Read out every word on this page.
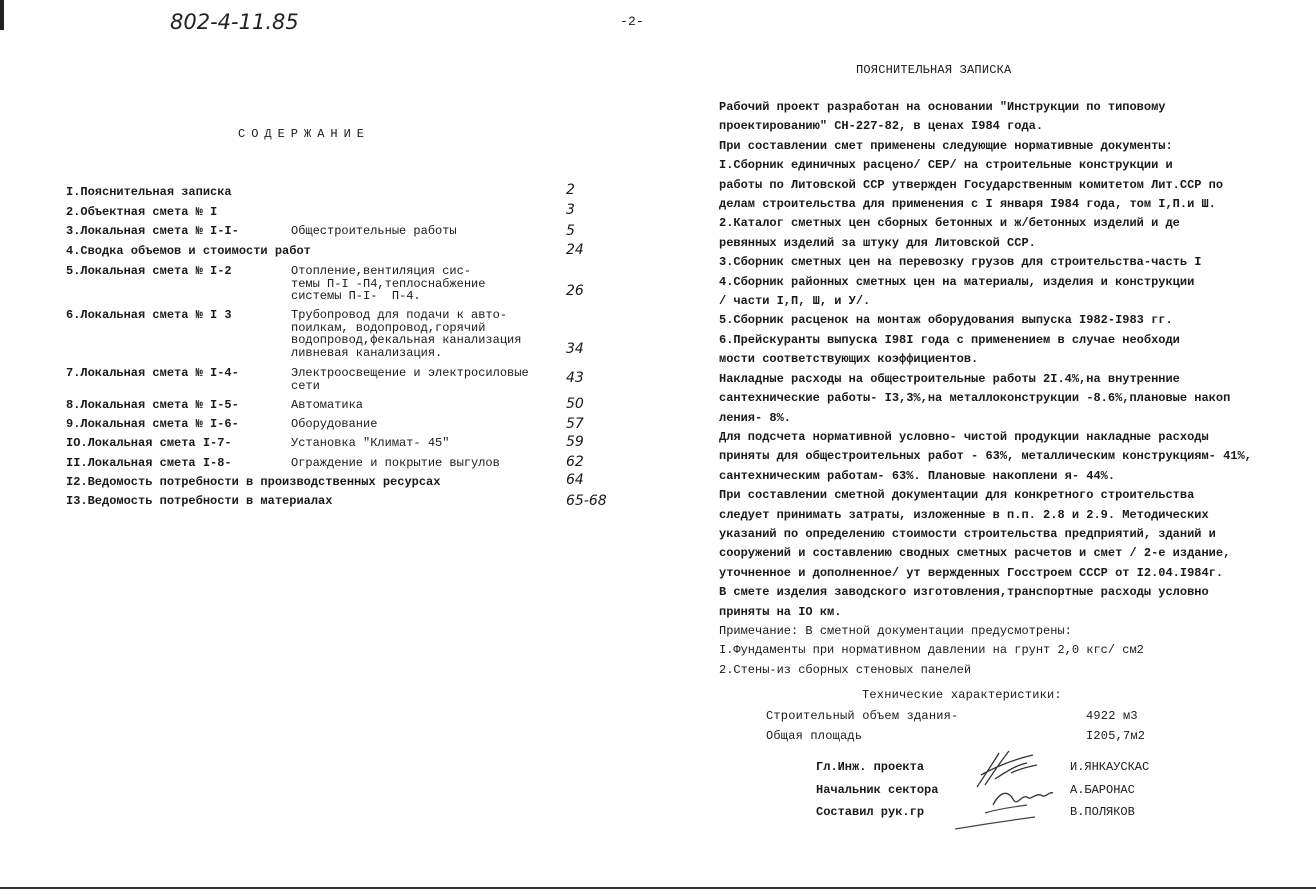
802-4-11.85	-2-
СОДЕРЖАНИЕ
I.Пояснительная записка	2
2.Объектная смета № I	3
3.Локальная смета № I-I-	Общестроительные работы	5
4.Сводка объемов и стоимости работ	24
5.Локальная смета № I-2	Отопление,вентиляция сис-
темы П-I -П4,теплоснабжение
системы П-I-  П-4.	26
6.Локальная смета № I 3	Трубопровод для подачи к авто-
поилкам, водопровод,горячий
водопровод,фекальная канализация
ливневая канализация.	34
7.Локальная смета № I-4-	Электроосвещение и электросиловые
сети	43
8.Локальная смета № I-5-	Автоматика	50
9.Локальная смета № I-6-	Оборудование	57
IO.Локальная смета I-7-	Установка "Климат- 45"	59
II.Локальная смета I-8-	Ограждение и покрытие выгулов	62
I2.Ведомость потребности в производственных ресурсах	64
I3.Ведомость потребности в материалах	65-68
ПОЯСНИТЕЛЬНАЯ ЗАПИСКА
Рабочий проект разработан на основании "Инструкции по типовому
проектированию" СН-227-82, в ценах I984 года.
При составлении смет применены следующие нормативные документы:
I.Сборник единичных расцено/ СЕР/ на строительные конструкции и
работы по Литовской ССР утвержден Государственным комитетом Лит.ССР по
делам строительства для применения с I января I984 года, том I,П.и Ш.
2.Каталог сметных цен сборных бетонных и ж/бетонных изделий и де
ревянных изделий за штуку для Литовской ССР.
3.Сборник сметных цен на перевозку грузов для строительства-часть I
4.Сборник районных сметных цен на материалы, изделия и конструкции
/ части I,П, Ш, и У/.
5.Сборник расценок на монтаж оборудования выпуска I982-I983 гг.
6.Прейскуранты выпуска I98I года с применением в случае необходи
мости соответствующих коэффициентов.
Накладные расходы на общестроительные работы 2I.4%,на внутренние
сантехнические работы- I3,3%,на металлоконструкции -8.6%,плановые накоп
ления- 8%.
Для подсчета нормативной условно- чистой продукции накладные расходы
приняты для общестроительных работ - 63%, металлическим конструкциям- 41%,
сантехническим работам- 63%. Плановые накоплени я- 44%.
При составлении сметной документации для конкретного строительства
следует принимать затраты, изложенные в п.п. 2.8 и 2.9. Методических
указаний по определению стоимости строительства предприятий, зданий и
сооружений и составлению сводных сметных расчетов и смет / 2-е издание,
уточненное и дополненное/ ут вержденных Госстроем СССР от I2.04.I984г.
В смете изделия заводского изготовления,транспортные расходы условно
приняты на IO км.
Примечание: В сметной документации предусмотрены:
I.Фундаменты при нормативном давлении на грунт 2,0 кгс/ см2
2.Стены-из сборных стеновых панелей
Технические характеристики:
Строительный объем здания-	4922 м3
Общая площадь	I205,7м2
Гл.Инж. проекта	И.ЯНКАУСКАС
Начальник сектора	А.БАРОНАС
Составил рук.гр	В.ПОЛЯКОВ
